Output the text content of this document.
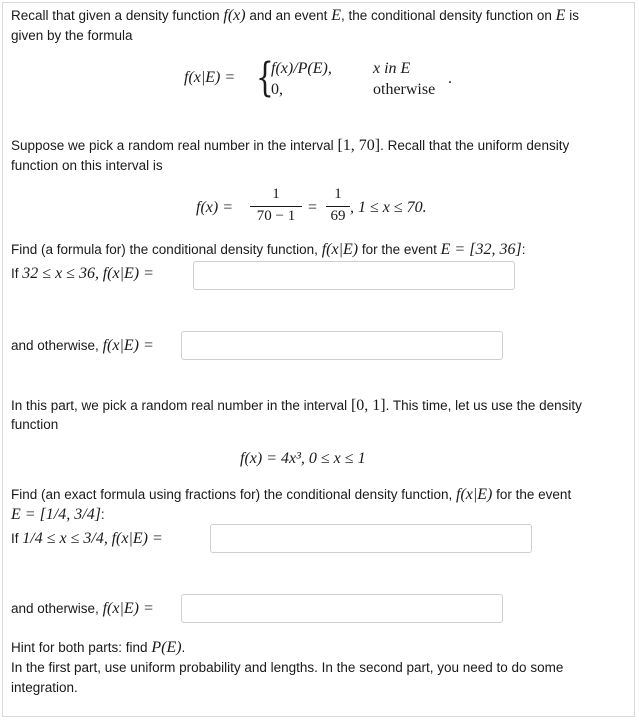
Recall that given a density function f(x) and an event E, the conditional density function on E is
given by the formula
f(x|E) = {
f(x)/P(E),	x in E
0,	otherwise
.
Suppose we pick a random real number in the interval [1, 70]. Recall that the uniform density
function on this interval is
f(x) =
1
70 − 1 =
1
69 , 1 ≤ x ≤ 70.
Find (a formula for) the conditional density function, f(x|E) for the event E = [32, 36]:
If 32 ≤ x ≤ 36, f(x|E) =
and otherwise, f(x|E) =
In this part, we pick a random real number in the interval [0, 1]. This time, let us use the density
function
f(x) = 4x³, 0 ≤ x ≤ 1
Find (an exact formula using fractions for) the conditional density function, f(x|E) for the event
E = [1/4, 3/4]:
If 1/4 ≤ x ≤ 3/4, f(x|E) =
and otherwise, f(x|E) =
Hint for both parts: find P(E).
In the first part, use uniform probability and lengths. In the second part, you need to do some
integration.
